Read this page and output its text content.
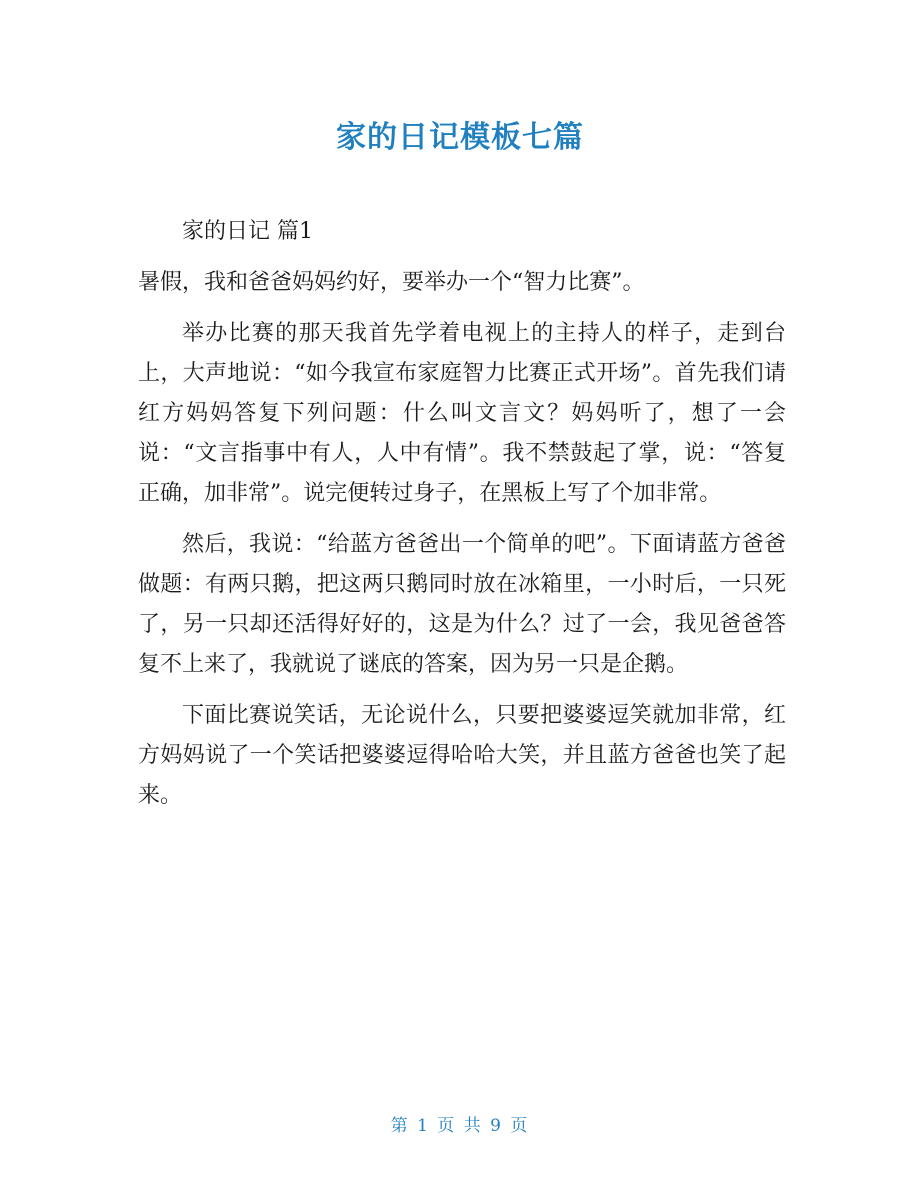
家的日记模板七篇

家的日记 篇1

暑假，我和爸爸妈妈约好，要举办一个“智力比赛”。

举办比赛的那天我首先学着电视上的主持人的样子，走到台上，大声地说：“如今我宣布家庭智力比赛正式开场”。首先我们请红方妈妈答复下列问题：什么叫文言文？妈妈听了，想了一会说：“文言指事中有人，人中有情”。我不禁鼓起了掌，说：“答复正确，加非常”。说完便转过身子，在黑板上写了个加非常。

然后，我说：“给蓝方爸爸出一个简单的吧”。下面请蓝方爸爸做题：有两只鹅，把这两只鹅同时放在冰箱里，一小时后，一只死了，另一只却还活得好好的，这是为什么？过了一会，我见爸爸答复不上来了，我就说了谜底的答案，因为另一只是企鹅。

下面比赛说笑话，无论说什么，只要把婆婆逗笑就加非常，红方妈妈说了一个笑话把婆婆逗得哈哈大笑，并且蓝方爸爸也笑了起来。

第 1 页 共 9 页
